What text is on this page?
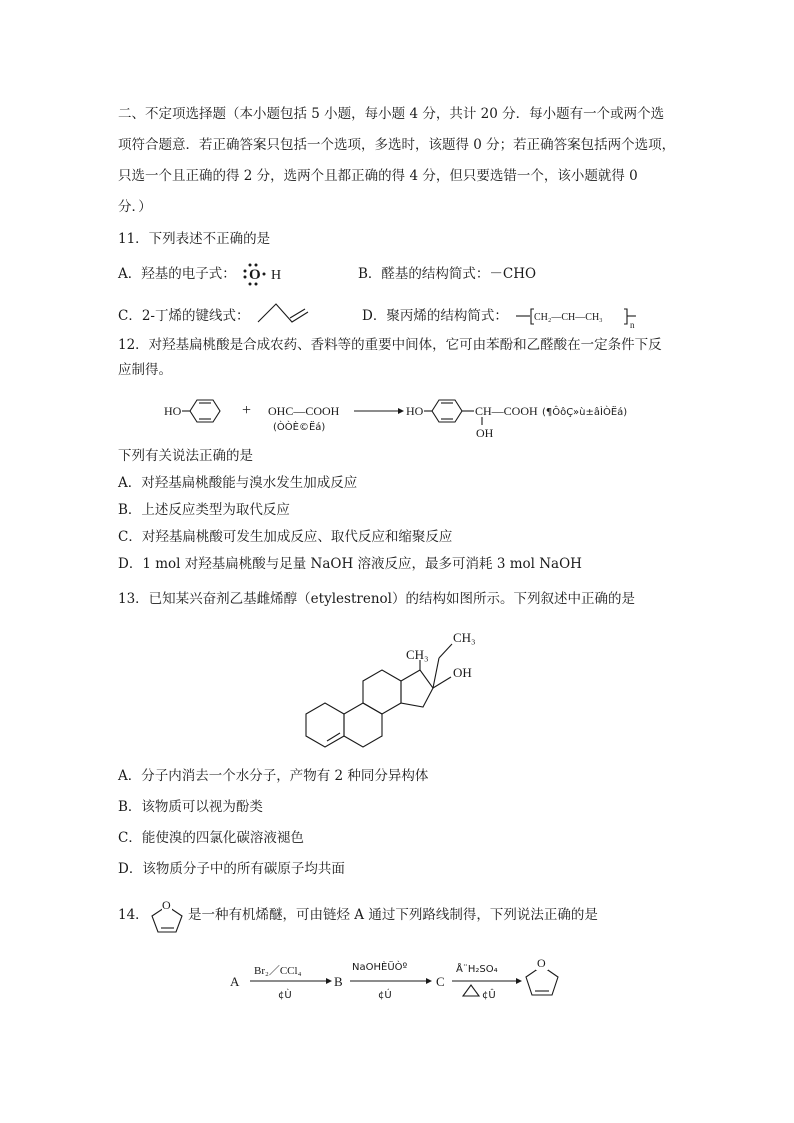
二、不定项选择题（本小题包括 5 小题，每小题 4 分，共计 20 分．每小题有一个或两个选
项符合题意．若正确答案只包括一个选项，多选时，该题得 0 分；若正确答案包括两个选项，
只选一个且正确的得 2 分，选两个且都正确的得 4 分，但只要选错一个，该小题就得 0
分．）
11．下列表述不正确的是
A．羟基的电子式： O H	B．醛基的结构简式：－CHO
C．2-丁烯的键线式：	D．聚丙烯的结构简式：	CH₂—CH—CH₃
n
12．对羟基扁桃酸是合成农药、香料等的重要中间体，它可由苯酚和乙醛酸在一定条件下反
应制得。
HO	+ OHC—COOH
(ÒÒÈ©Ëá)
HO	CH—COOH
OH
(¶ÔôÇ»ù±âÌÒËá)
下列有关说法正确的是
A．对羟基扁桃酸能与溴水发生加成反应
B．上述反应类型为取代反应
C．对羟基扁桃酸可发生加成反应、取代反应和缩聚反应
D．1 mol 对羟基扁桃酸与足量 NaOH 溶液反应，最多可消耗 3 mol NaOH
13．已知某兴奋剂乙基雌烯醇（etylestrenol）的结构如图所示。下列叙述中正确的是
CH₃
CH₃
OH
A．分子内消去一个水分子，产物有 2 种同分异构体
B．该物质可以视为酚类
C．能使溴的四氯化碳溶液褪色
D．该物质分子中的所有碳原子均共面
14．
O
是一种有机烯醚，可由链烃 A 通过下列路线制得，下列说法正确的是
A
Br₂／CCl₄
¢Ù
B
NaOHÈÜÒº
¢Ú
C
Å¨H₂SO₄
¢Û
O
